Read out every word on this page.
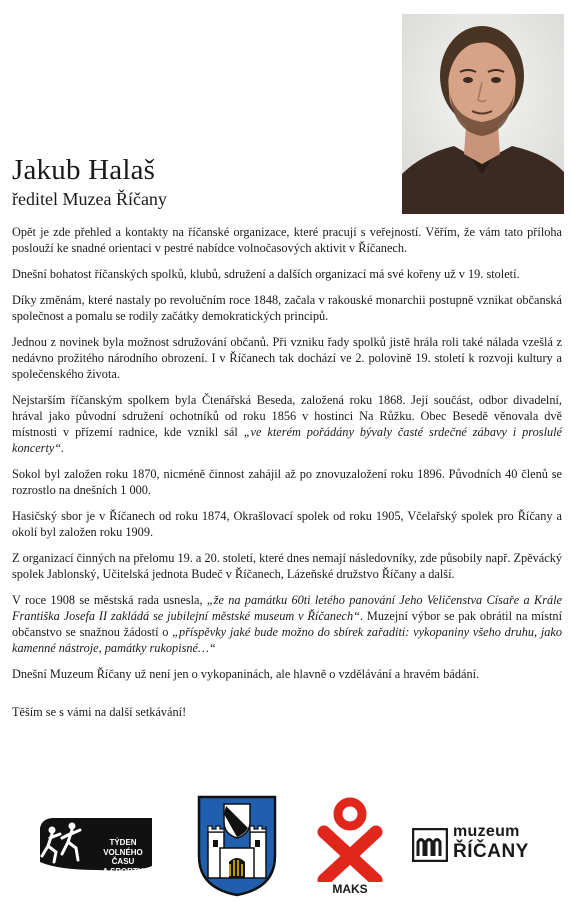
Jakub Halaš
ředitel Muzea Říčany

Opět je zde přehled a kontakty na říčanské organizace, které pracují s veřejností. Věřím, že vám tato příloha poslouží ke snadné orientaci v pestré nabídce volnočasových aktivit v Říčanech.

Dnešní bohatost říčanských spolků, klubů, sdružení a dalších organizací má své kořeny už v 19. století.

Díky změnám, které nastaly po revolučním roce 1848, začala v rakouské monarchii postupně vznikat občanská společnost a pomalu se rodily začátky demokratických principů.

Jednou z novinek byla možnost sdružování občanů. Při vzniku řady spolků jistě hrála roli také nálada vzešlá z nedávno prožitého národního obrození. I v Říčanech tak dochází ve 2. polovině 19. století k rozvoji kultury a společenského života.

Nejstarším říčanským spolkem byla Čtenářská Beseda, založená roku 1868. Její součást, odbor divadelní, hrával jako původní sdružení ochotníků od roku 1856 v hostinci Na Růžku. Obec Besedě věnovala dvě místnosti v přízemí radnice, kde vznikl sál „ve kterém pořádány bývaly časté srdečné zábavy i proslulé koncerty“.

Sokol byl založen roku 1870, nicméně činnost zahájil až po znovuzaložení roku 1896. Původních 40 členů se rozrostlo na dnešních 1 000.

Hasičský sbor je v Říčanech od roku 1874, Okrašlovací spolek od roku 1905, Včelařský spolek pro Říčany a okolí byl založen roku 1909.

Z organizací činných na přelomu 19. a 20. století, které dnes nemají následovníky, zde působily např. Zpěvácký spolek Jablonský, Učitelská jednota Budeč v Říčanech, Lázeňské družstvo Říčany a další.

V roce 1908 se městská rada usnesla, „že na památku 60ti letého panování Jeho Veličenstva Císaře a Krále Františka Josefa II zakládá se jubilejní městské museum v Říčanech“. Muzejní výbor se pak obrátil na místní občanstvo se snažnou žádostí o „příspěvky jaké bude možno do sbírek zařaditi: vykopaniny všeho druhu, jako kamenné nástroje, památky rukopisné…“

Dnešní Muzeum Říčany už není jen o vykopaninách, ale hlavně o vzdělávání a hravém bádání.

Těším se s vámi na další setkávání!

TÝDEN
VOLNÉHO ČASU
A SPORTU
MAKS
muzeum
ŘÍČANY
